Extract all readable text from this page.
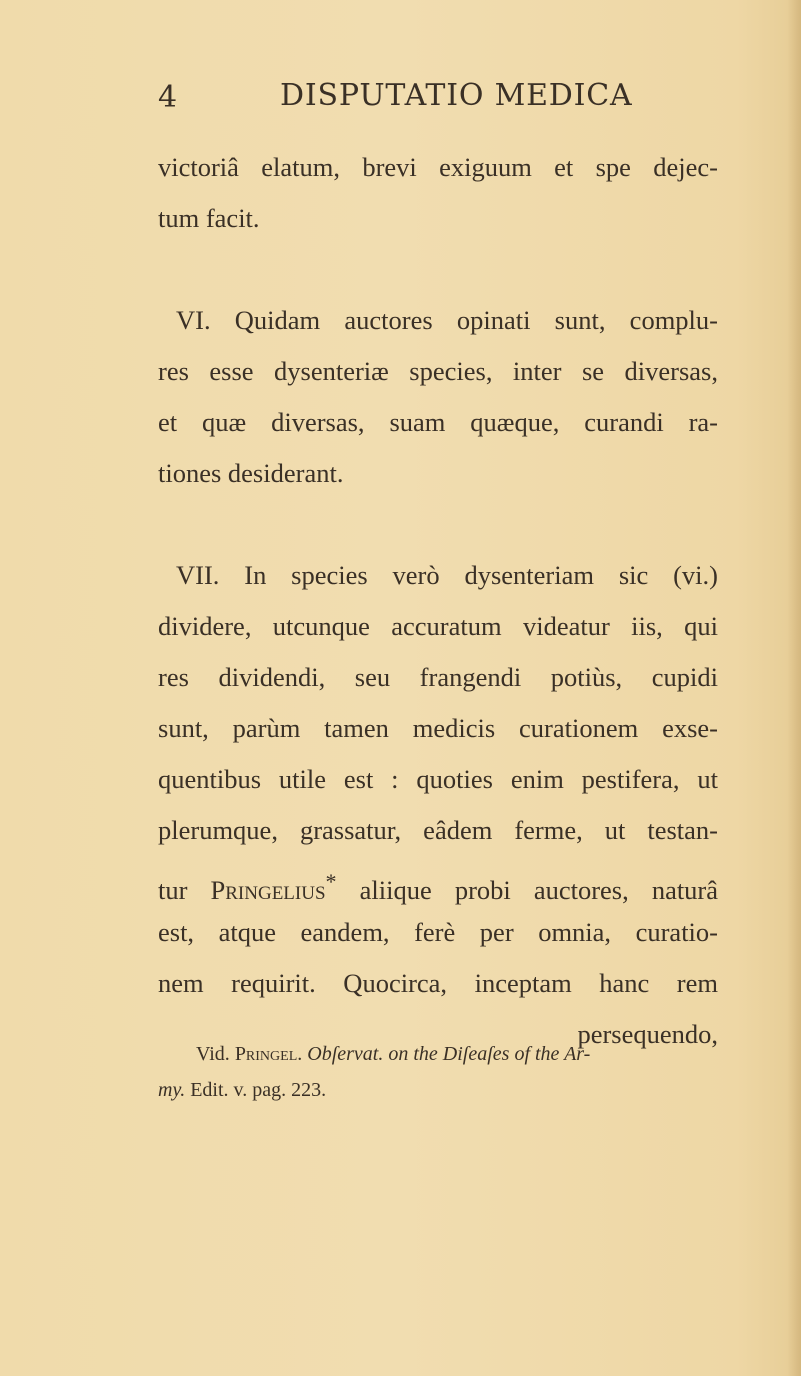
4	DISPUTATIO MEDICA
victoriâ elatum, brevi exiguum et spe dejec-
tum facit.
VI. Quidam auctores opinati sunt, complu-
res esse dysenteriæ species, inter se diversas,
et quæ diversas, suam quæque, curandi ra-
tiones desiderant.
VII. In species verò dysenteriam sic (vi.)
dividere, utcunque accuratum videatur iis, qui
res dividendi, seu frangendi potiùs, cupidi
sunt, parùm tamen medicis curationem exse-
quentibus utile est : quoties enim pestifera, ut
plerumque, grassatur, eâdem ferme, ut testan-
tur Pringelius* aliique probi auctores, naturâ
est, atque eandem, ferè per omnia, curatio-
nem requirit. Quocirca, inceptam hanc rem
persequendo,
Vid. Pringel. Obſervat. on the Diſeaſes of the Ar-
my. Edit. v. pag. 223.
